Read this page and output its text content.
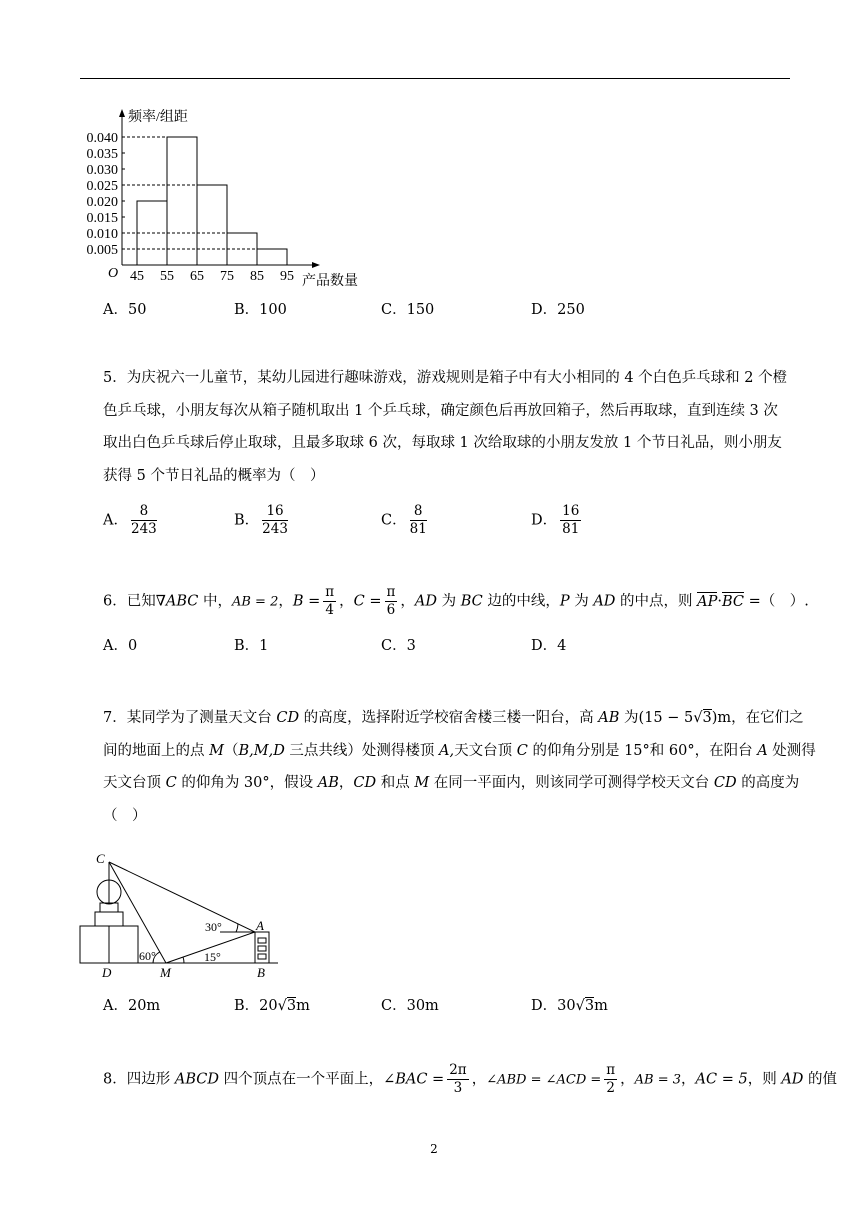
0.005
0.010
0.015
0.020
0.025
0.030
0.035
0.040
45 55 65 75 85 95
O
频率/组距
产品数量
A．50	B．100	C．150	D．250
5．为庆祝六一儿童节，某幼儿园进行趣味游戏，游戏规则是箱子中有大小相同的 4 个白色乒乓球和 2 个橙
色乒乓球，小朋友每次从箱子随机取出 1 个乒乓球，确定颜色后再放回箱子，然后再取球，直到连续 3 次
取出白色乒乓球后停止取球，且最多取球 6 次，每取球 1 次给取球的小朋友发放 1 个节日礼品，则小朋友
获得 5 个节日礼品的概率为（　）
A． $\frac{8}{243}$	B． $\frac{16}{243}$	C． $\frac{8}{81}$	D． $\frac{16}{81}$
6．已知∇ABC 中，AB = 2，$B = \frac{\pi}{4}$ ，$C = \frac{\pi}{6}$ ，AD 为 BC 边的中线，P 为 AD 的中点，则 AP·BC =（　）.
A．0	B．1	C．3	D．4
7．某同学为了测量天文台 CD 的高度，选择附近学校宿舍楼三楼一阳台，高 AB 为(15 − 5√3)m，在它们之
间的地面上的点 M（B,M,D 三点共线）处测得楼顶 A,天文台顶 C 的仰角分别是 15°和 60°，在阳台 A 处测得
天文台顶 C 的仰角为 30°，假设 AB，CD 和点 M 在同一平面内，则该同学可测得学校天文台 CD 的高度为
（　）
C
D	M
A
B
30°
60°	15°
A．20m	B．20√3m	C．30m	D．30√3m
8．四边形 ABCD 四个顶点在一个平面上，∠BAC = $\frac{2\pi}{3}$ ，∠ABD = ∠ACD = $\frac{\pi}{2}$ ，AB = 3，AC = 5，则 AD 的值
2
